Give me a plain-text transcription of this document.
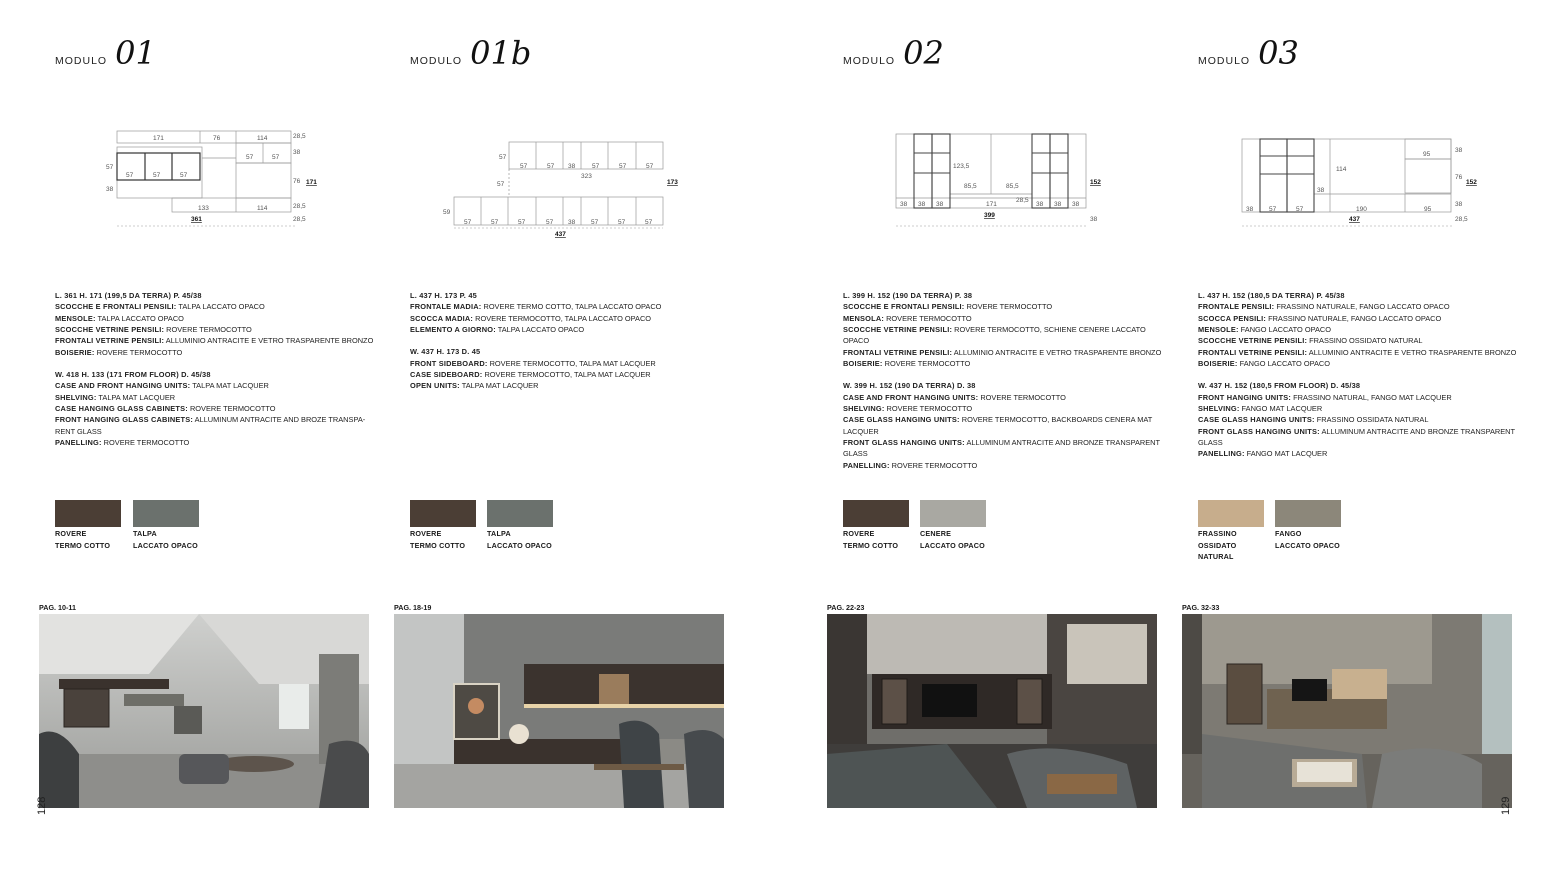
MODULO 01
171	76	114	28,5
38
57	57
57
57	57	57
38
76 171
133	114	28,5
361	28,5

L. 361 H. 171 (199,5 DA TERRA) P. 45/38

SCOCCHE E FRONTALI PENSILI: TALPA LACCATO OPACO

MENSOLE: TALPA LACCATO OPACO

SCOCCHE VETRINE PENSILI: ROVERE TERMOCOTTO

FRONTALI VETRINE PENSILI: ALLUMINIO ANTRACITE E VETRO TRASPARENTE BRONZO

BOISERIE: ROVERE TERMOCOTTO

W. 418 H. 133 (171 FROM FLOOR) D. 45/38

CASE AND FRONT HANGING UNITS: TALPA MAT LACQUER

SHELVING: TALPA MAT LACQUER

CASE HANGING GLASS CABINETS: ROVERE TERMOCOTTO

FRONT HANGING GLASS CABINETS: ALLUMINUM ANTRACITE AND BROZE TRANSPA-

RENT GLASS

PANELLING: ROVERE TERMOCOTTO

ROVERE
TERMO COTTO
TALPA
LACCATO OPACO
PAG. 10-11
MODULO 01b
57
57	57 38	57	57	57
323
57	173
59
57	57	57	57 38 57	57	57
437

L. 437 H. 173 P. 45

FRONTALE MADIA: ROVERE TERMO COTTO, TALPA LACCATO OPACO

SCOCCA MADIA: ROVERE TERMOCOTTO, TALPA LACCATO OPACO

ELEMENTO A GIORNO: TALPA LACCATO OPACO

W. 437 H. 173 D. 45

FRONT SIDEBOARD: ROVERE TERMOCOTTO, TALPA MAT LACQUER

CASE SIDEBOARD: ROVERE TERMOCOTTO, TALPA MAT LACQUER

OPEN UNITS: TALPA MAT LACQUER

ROVERE
TERMO COTTO
TALPA
LACCATO OPACO
PAG. 18-19
MODULO 02
123,5
85,5	85,5
152
38 38 38	171
28,5
38 38 38
399
38

L. 399 H. 152 (190 DA TERRA) P. 38

SCOCCHE E FRONTALI PENSILI: ROVERE TERMOCOTTO

MENSOLA: ROVERE TERMOCOTTO

SCOCCHE VETRINE PENSILI: ROVERE TERMOCOTTO, SCHIENE CENERE LACCATO OPACO

FRONTALI VETRINE PENSILI: ALLUMINIO ANTRACITE E VETRO TRASPARENTE BRONZO

BOISERIE: ROVERE TERMOCOTTO

W. 399 H. 152 (190 DA TERRA) D. 38

CASE AND FRONT HANGING UNITS: ROVERE TERMOCOTTO

SHELVING: ROVERE TERMOCOTTO

CASE GLASS HANGING UNITS: ROVERE TERMOCOTTO, BACKBOARDS CENERA MAT LACQUER

FRONT GLASS HANGING UNITS: ALLUMINUM ANTRACITE AND BRONZE TRANSPARENT

GLASS

PANELLING: ROVERE TERMOCOTTO

ROVERE
TERMO COTTO
CENERE
LACCATO OPACO
PAG. 22-23
MODULO 03
95
38
114
76
152
38
38 57	57	190	95
38
437	28,5

L. 437 H. 152 (180,5 DA TERRA) P. 45/38

FRONTALE PENSILI: FRASSINO NATURALE, FANGO LACCATO OPACO

SCOCCA PENSILI: FRASSINO NATURALE, FANGO LACCATO OPACO

MENSOLE: FANGO LACCATO OPACO

SCOCCHE VETRINE PENSILI: FRASSINO OSSIDATO NATURAL

FRONTALI VETRINE PENSILI: ALLUMINIO ANTRACITE E VETRO TRASPARENTE BRONZO

BOISERIE: FANGO LACCATO OPACO

W. 437 H. 152 (180,5 FROM FLOOR) D. 45/38

FRONT HANGING UNITS: FRASSINO NATURAL, FANGO MAT LACQUER

SHELVING: FANGO MAT LACQUER

CASE GLASS HANGING UNITS: FRASSINO OSSIDATA NATURAL

FRONT GLASS HANGING UNITS: ALLUMINUM ANTRACITE AND BRONZE TRANSPARENT

GLASS

PANELLING: FANGO MAT LACQUER

FRASSINO
OSSIDATO NATURAL
FANGO
LACCATO OPACO
PAG. 32-33
128	129
